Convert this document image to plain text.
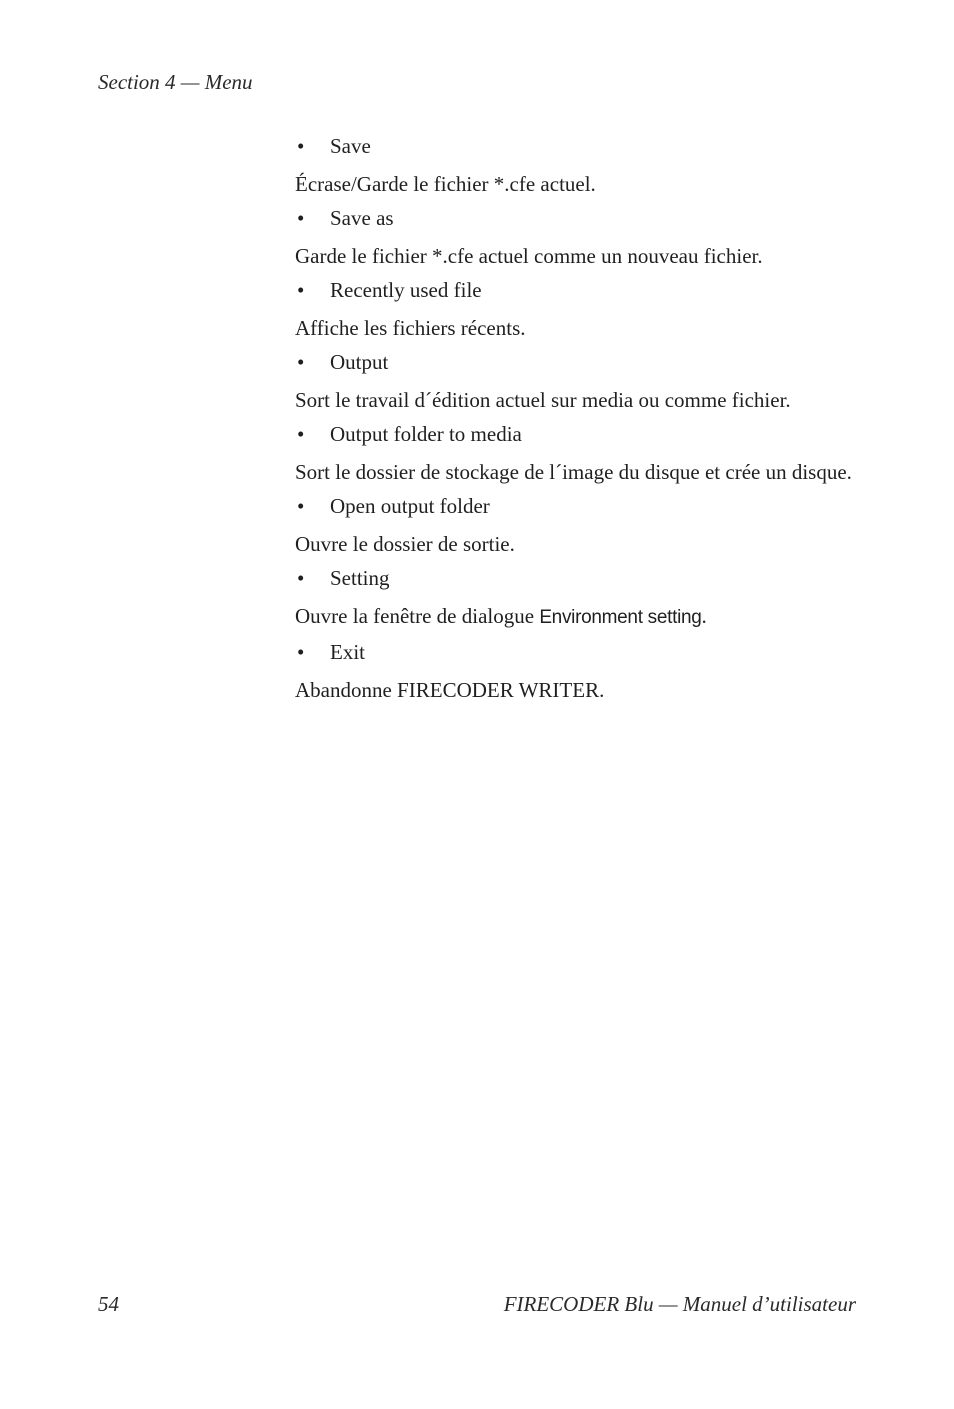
Section 4 — Menu
• Save

Écrase/Garde le fichier *.cfe actuel.

• Save as

Garde le fichier *.cfe actuel comme un nouveau fichier.

• Recently used file

Affiche les fichiers récents.

• Output

Sort le travail d´édition actuel sur media ou comme fichier.

• Output folder to media

Sort le dossier de stockage de l´image du disque et crée un disque.

• Open output folder

Ouvre le dossier de sortie.

• Setting

Ouvre la fenêtre de dialogue Environment setting.

• Exit

Abandonne FIRECODER WRITER.

54	FIRECODER Blu — Manuel d’utilisateur
